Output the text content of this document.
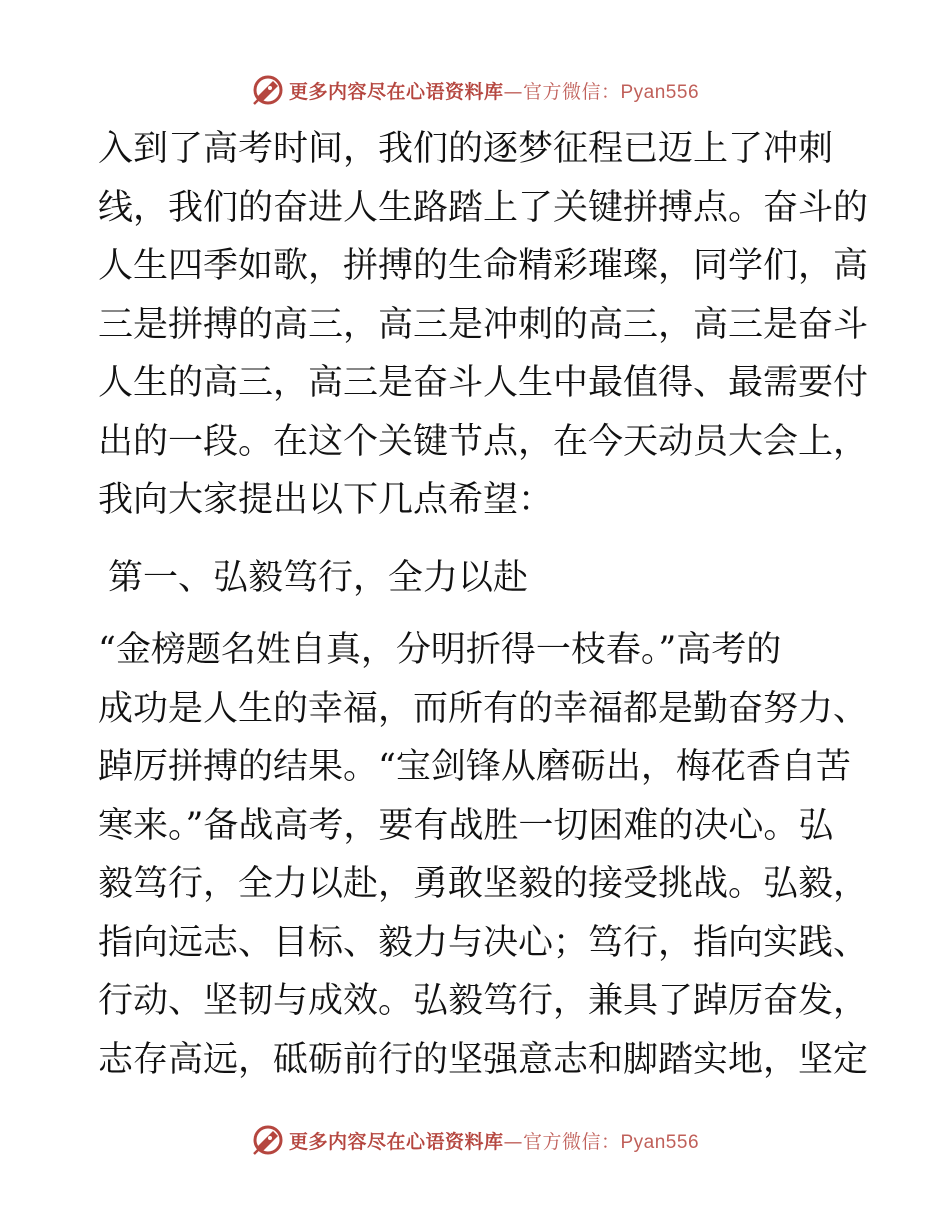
更多内容尽在心语资料库—官方微信：Pyan556
入到了高考时间，我们的逐梦征程已迈上了冲刺
线，我们的奋进人生路踏上了关键拼搏点。奋斗的
人生四季如歌，拼搏的生命精彩璀璨，同学们，高
三是拼搏的高三，高三是冲刺的高三，高三是奋斗
人生的高三，高三是奋斗人生中最值得、最需要付
出的一段。在这个关键节点，在今天动员大会上，
我向大家提出以下几点希望：
第一、弘毅笃行，全力以赴
“金榜题名姓自真，分明折得一枝春。”高考的
成功是人生的幸福，而所有的幸福都是勤奋努力、
踔厉拼搏的结果。“宝剑锋从磨砺出，梅花香自苦
寒来。”备战高考，要有战胜一切困难的决心。弘
毅笃行，全力以赴，勇敢坚毅的接受挑战。弘毅，
指向远志、目标、毅力与决心；笃行，指向实践、
行动、坚韧与成效。弘毅笃行，兼具了踔厉奋发，
志存高远，砥砺前行的坚强意志和脚踏实地，坚定
更多内容尽在心语资料库—官方微信：Pyan556
